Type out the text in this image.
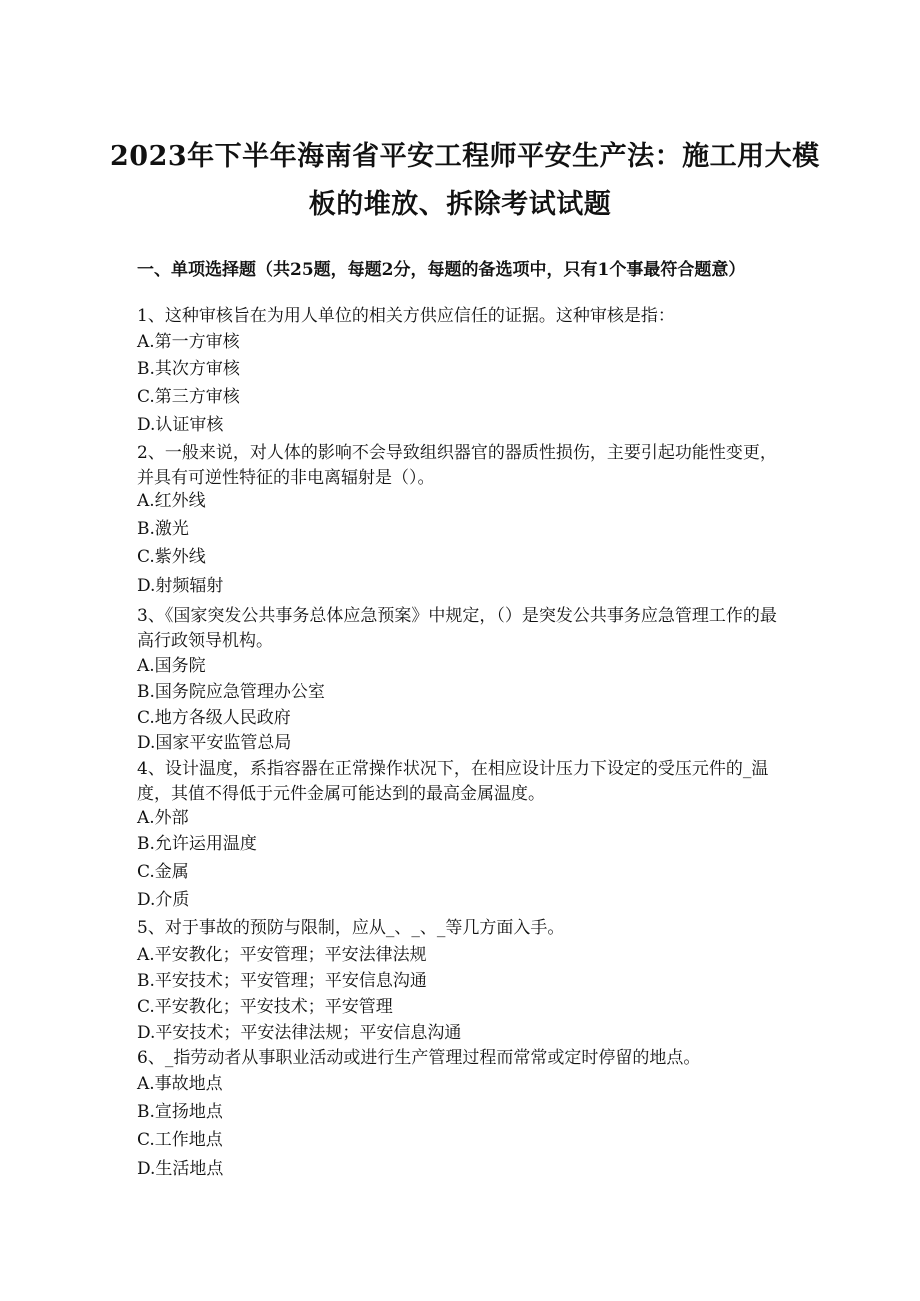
2023年下半年海南省平安工程师平安生产法：施工用大模
板的堆放、拆除考试试题
一、单项选择题（共25题，每题2分，每题的备选项中，只有1个事最符合题意）
1、这种审核旨在为用人单位的相关方供应信任的证据。这种审核是指：
A.第一方审核
B.其次方审核
C.第三方审核
D.认证审核
2、一般来说，对人体的影响不会导致组织器官的器质性损伤，主要引起功能性变更，并具有可逆性特征的非电离辐射是（）。
A.红外线
B.激光
C.紫外线
D.射频辐射
3、《国家突发公共事务总体应急预案》中规定，（）是突发公共事务应急管理工作的最高行政领导机构。
A.国务院
B.国务院应急管理办公室
C.地方各级人民政府
D.国家平安监管总局
4、设计温度，系指容器在正常操作状况下，在相应设计压力下设定的受压元件的_温度，其值不得低于元件金属可能达到的最高金属温度。
A.外部
B.允许运用温度
C.金属
D.介质
5、对于事故的预防与限制，应从_、_、_等几方面入手。
A.平安教化；平安管理；平安法律法规
B.平安技术；平安管理；平安信息沟通
C.平安教化；平安技术；平安管理
D.平安技术；平安法律法规；平安信息沟通
6、_指劳动者从事职业活动或进行生产管理过程而常常或定时停留的地点。
A.事故地点
B.宣扬地点
C.工作地点
D.生活地点
